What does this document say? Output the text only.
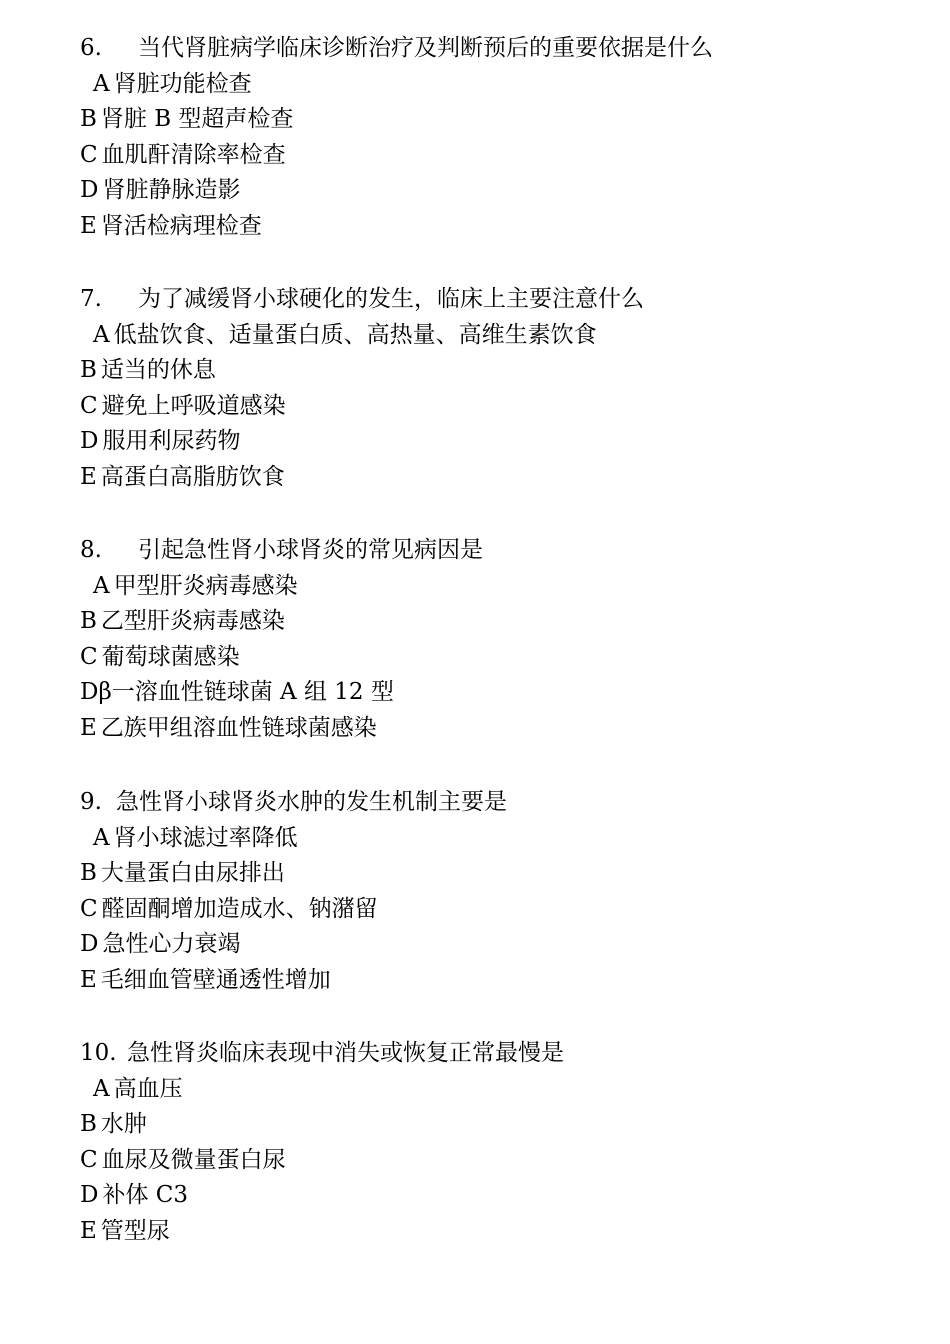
6.	当代肾脏病学临床诊断治疗及判断预后的重要依据是什么
A 肾脏功能检查
B 肾脏 B 型超声检查
C 血肌酐清除率检查
D 肾脏静脉造影
E 肾活检病理检查
7.	为了减缓肾小球硬化的发生，临床上主要注意什么
A 低盐饮食、适量蛋白质、高热量、高维生素饮食
B 适当的休息
C 避免上呼吸道感染
D 服用利尿药物
E 高蛋白高脂肪饮食
8.	引起急性肾小球肾炎的常见病因是
A 甲型肝炎病毒感染
B 乙型肝炎病毒感染
C 葡萄球菌感染
Dβ一溶血性链球菌 A 组 12 型
E 乙族甲组溶血性链球菌感染
9. 急性肾小球肾炎水肿的发生机制主要是
A 肾小球滤过率降低
B 大量蛋白由尿排出
C 醛固酮增加造成水、钠潴留
D 急性心力衰竭
E 毛细血管壁通透性增加
10. 急性肾炎临床表现中消失或恢复正常最慢是
A 高血压
B 水肿
C 血尿及微量蛋白尿
D 补体 C3
E 管型尿
